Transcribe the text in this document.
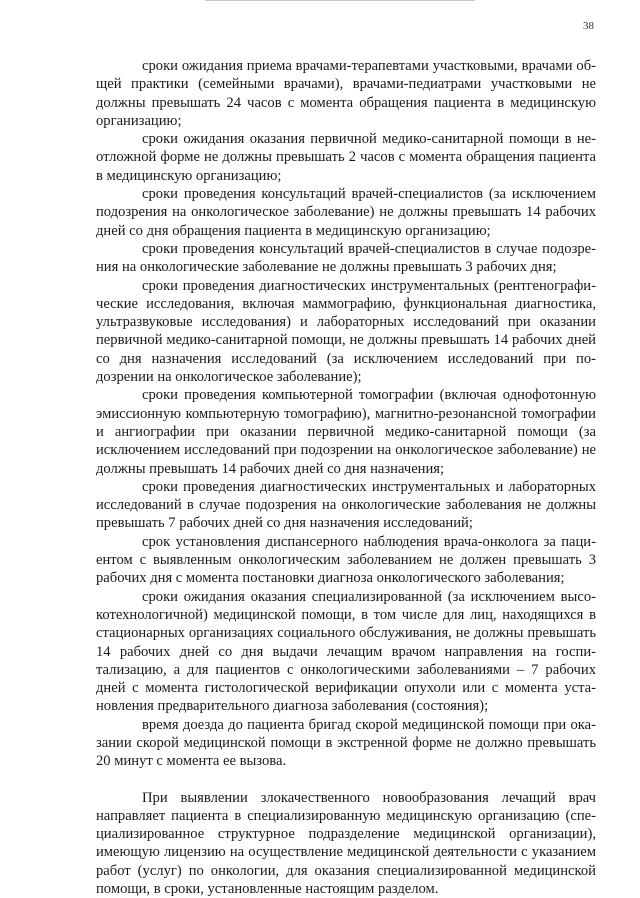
38

сроки ожидания приема врачами-терапевтами участковыми, врачами общей практики (семейными врачами), врачами-педиатрами участковыми не должны превышать 24 часов с момента обращения пациента в медицинскую организацию;

сроки ожидания оказания первичной медико-санитарной помощи в неотложной форме не должны превышать 2 часов с момента обращения пациента в медицинскую организацию;

сроки проведения консультаций врачей-специалистов (за исключением подозрения на онкологическое заболевание) не должны превышать 14 рабочих дней со дня обращения пациента в медицинскую организацию;

сроки проведения консультаций врачей-специалистов в случае подозрения на онкологические заболевание не должны превышать 3 рабочих дня;

сроки проведения диагностических инструментальных (рентгенографические исследования, включая маммографию, функциональная диагностика, ультразвуковые исследования) и лабораторных исследований при оказании первичной медико-санитарной помощи, не должны превышать 14 рабочих дней со дня назначения исследований (за исключением исследований при подозрении на онкологическое заболевание);

сроки проведения компьютерной томографии (включая однофотонную эмиссионную компьютерную томографию), магнитно-резонансной томографии и ангиографии при оказании первичной медико-санитарной помощи (за исключением исследований при подозрении на онкологическое заболевание) не должны превышать 14 рабочих дней со дня назначения;

сроки проведения диагностических инструментальных и лабораторных исследований в случае подозрения на онкологические заболевания не должны превышать 7 рабочих дней со дня назначения исследований;

срок установления диспансерного наблюдения врача-онколога за пациентом с выявленным онкологическим заболеванием не должен превышать 3 рабочих дня с момента постановки диагноза онкологического заболевания;

сроки ожидания оказания специализированной (за исключением высокотехнологичной) медицинской помощи, в том числе для лиц, находящихся в стационарных организациях социального обслуживания, не должны превышать 14 рабочих дней со дня выдачи лечащим врачом направления на госпитализацию, а для пациентов с онкологическими заболеваниями – 7 рабочих дней с момента гистологической верификации опухоли или с момента установления предварительного диагноза заболевания (состояния);

время доезда до пациента бригад скорой медицинской помощи при оказании скорой медицинской помощи в экстренной форме не должно превышать 20 минут с момента ее вызова.

При выявлении злокачественного новообразования лечащий врач направляет пациента в специализированную медицинскую организацию (специализированное структурное подразделение медицинской организации), имеющую лицензию на осуществление медицинской деятельности с указанием работ (услуг) по онкологии, для оказания специализированной медицинской помощи, в сроки, установленные настоящим разделом.
